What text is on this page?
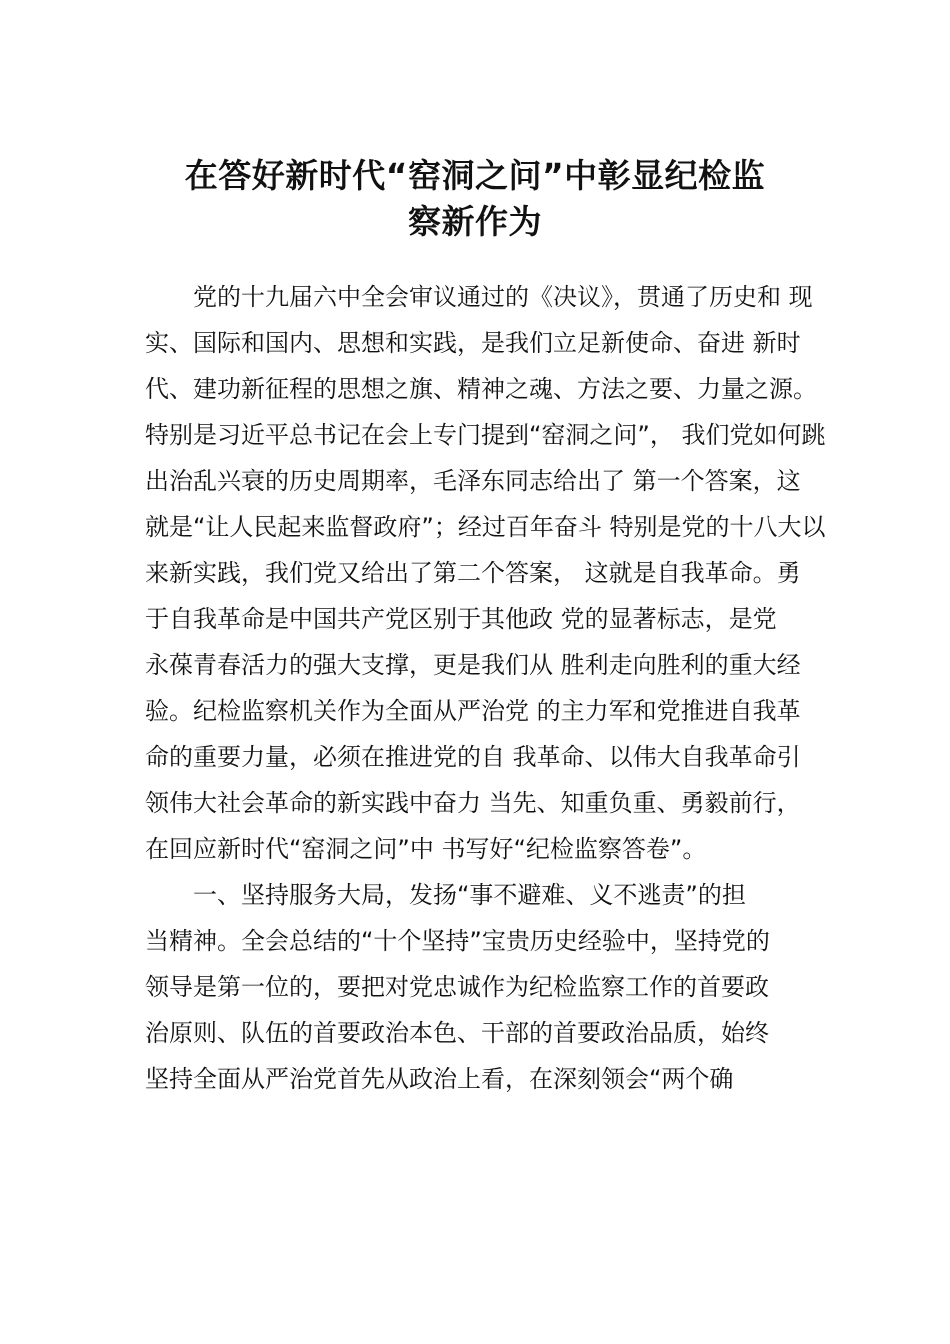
在答好新时代“窑洞之问”中彰显纪检监
察新作为
党的十九届六中全会审议通过的《决议》，贯通了历史和 现
实、国际和国内、思想和实践，是我们立足新使命、奋进 新时
代、建功新征程的思想之旗、精神之魂、方法之要、力量之源。
特别是习近平总书记在会上专门提到“窑洞之问”， 我们党如何跳
出治乱兴衰的历史周期率，毛泽东同志给出了 第一个答案，这
就是“让人民起来监督政府”；经过百年奋斗 特别是党的十八大以
来新实践，我们党又给出了第二个答案， 这就是自我革命。勇
于自我革命是中国共产党区别于其他政 党的显著标志，是党
永葆青春活力的强大支撑，更是我们从 胜利走向胜利的重大经
验。纪检监察机关作为全面从严治党 的主力军和党推进自我革
命的重要力量，必须在推进党的自 我革命、以伟大自我革命引
领伟大社会革命的新实践中奋力 当先、知重负重、勇毅前行，
在回应新时代“窑洞之问”中 书写好“纪检监察答卷”。
一、坚持服务大局，发扬“事不避难、义不逃责”的担
当精神。全会总结的“十个坚持”宝贵历史经验中，坚持党的
领导是第一位的，要把对党忠诚作为纪检监察工作的首要政
治原则、队伍的首要政治本色、干部的首要政治品质，始终
坚持全面从严治党首先从政治上看，在深刻领会“两个确
